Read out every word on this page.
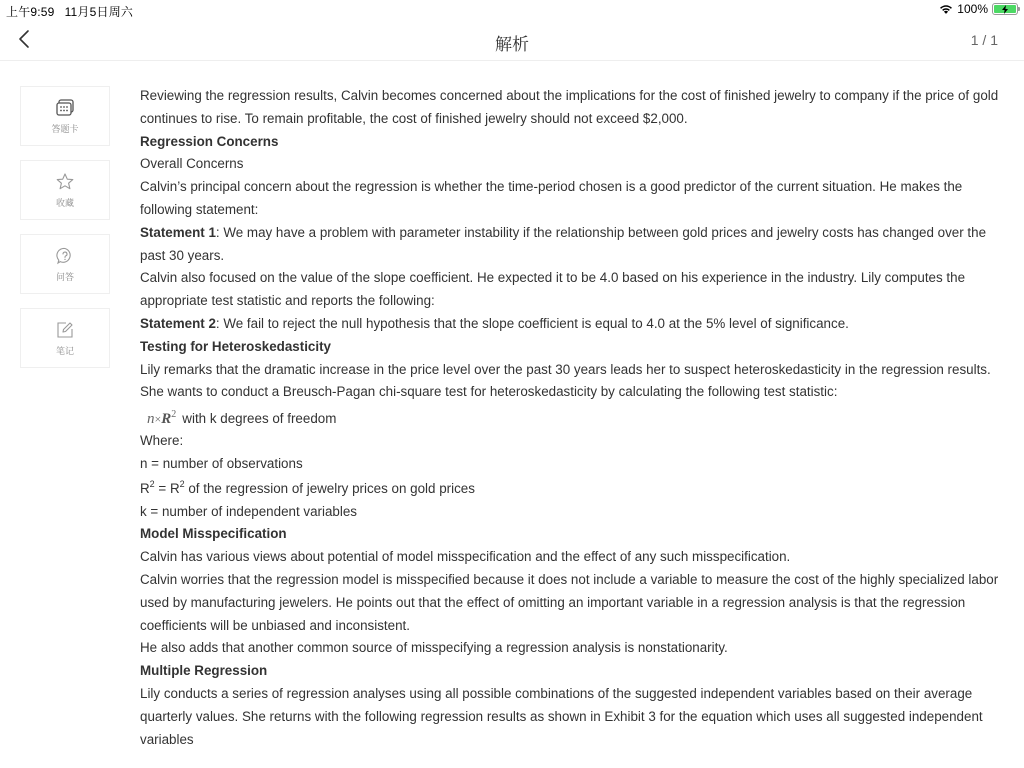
上午9:59 11月5日周六	100%
解析	1 / 1
答题卡
收藏
问答
笔记

Reviewing the regression results, Calvin becomes concerned about the implications for the cost of finished jewelry to company if the price of gold continues to rise. To remain profitable, the cost of finished jewelry should not exceed $2,000.

Regression Concerns

Overall Concerns

Calvin’s principal concern about the regression is whether the time-period chosen is a good predictor of the current situation. He makes the following statement:

Statement 1: We may have a problem with parameter instability if the relationship between gold prices and jewelry costs has changed over the past 30 years.

Calvin also focused on the value of the slope coefficient. He expected it to be 4.0 based on his experience in the industry. Lily computes the appropriate test statistic and reports the following:

Statement 2: We fail to reject the null hypothesis that the slope coefficient is equal to 4.0 at the 5% level of significance.

Testing for Heteroskedasticity

Lily remarks that the dramatic increase in the price level over the past 30 years leads her to suspect heteroskedasticity in the regression results. She wants to conduct a Breusch-Pagan chi-square test for heteroskedasticity by calculating the following test statistic:

$n\times R^2$ with k degrees of freedom

Where:

n = number of observations

$R^2 = R^2$ of the regression of jewelry prices on gold prices

k = number of independent variables

Model Misspecification

Calvin has various views about potential of model misspecification and the effect of any such misspecification.

Calvin worries that the regression model is misspecified because it does not include a variable to measure the cost of the highly specialized labor used by manufacturing jewelers. He points out that the effect of omitting an important variable in a regression analysis is that the regression coefficients will be unbiased and inconsistent.

He also adds that another common source of misspecifying a regression analysis is nonstationarity.

Multiple Regression

Lily conducts a series of regression analyses using all possible combinations of the suggested independent variables based on their average quarterly values. She returns with the following regression results as shown in Exhibit 3 for the equation which uses all suggested independent variables
